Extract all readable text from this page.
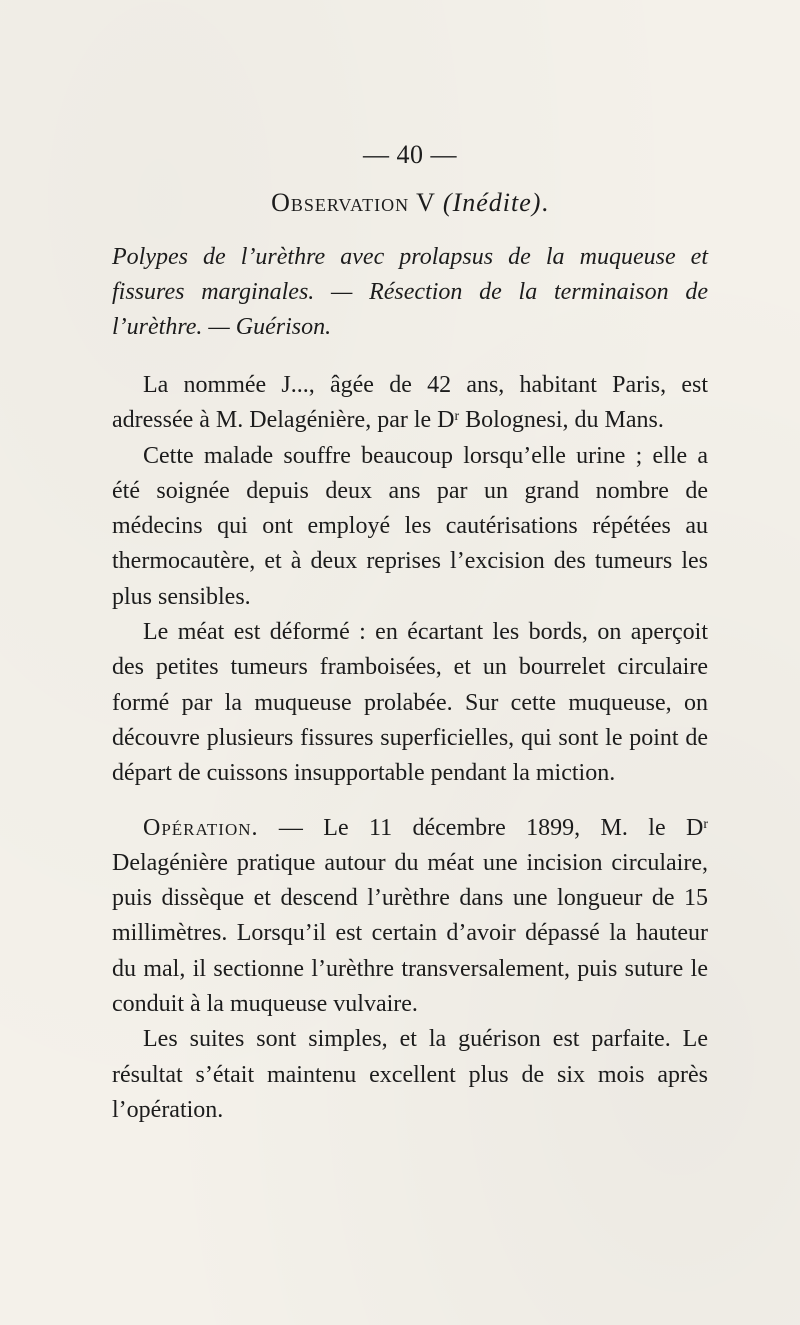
— 40 —
Observation V (Inédite).

Polypes de l’urèthre avec prolapsus de la muqueuse et fissures marginales. — Résection de la terminaison de l’urèthre. — Guérison.

La nommée J..., âgée de 42 ans, habitant Paris, est adressée à M. Delagénière, par le $D^r$ Bolognesi, du Mans.

Cette malade souffre beaucoup lorsqu’elle urine ; elle a été soignée depuis deux ans par un grand nombre de médecins qui ont employé les cautérisations répétées au thermocautère, et à deux reprises l’excision des tumeurs les plus sensibles.

Le méat est déformé : en écartant les bords, on aperçoit des petites tumeurs framboisées, et un bourrelet circulaire formé par la muqueuse prolabée. Sur cette muqueuse, on découvre plusieurs fissures superficielles, qui sont le point de départ de cuissons insupportable pendant la miction.

Opération. — Le 11 décembre 1899, M. le $D^r$ Delagénière pratique autour du méat une incision circulaire, puis dissèque et descend l’urèthre dans une longueur de 15 millimètres. Lorsqu’il est certain d’avoir dépassé la hauteur du mal, il sectionne l’urèthre transversalement, puis suture le conduit à la muqueuse vulvaire.

Les suites sont simples, et la guérison est parfaite. Le résultat s’était maintenu excellent plus de six mois après l’opération.
